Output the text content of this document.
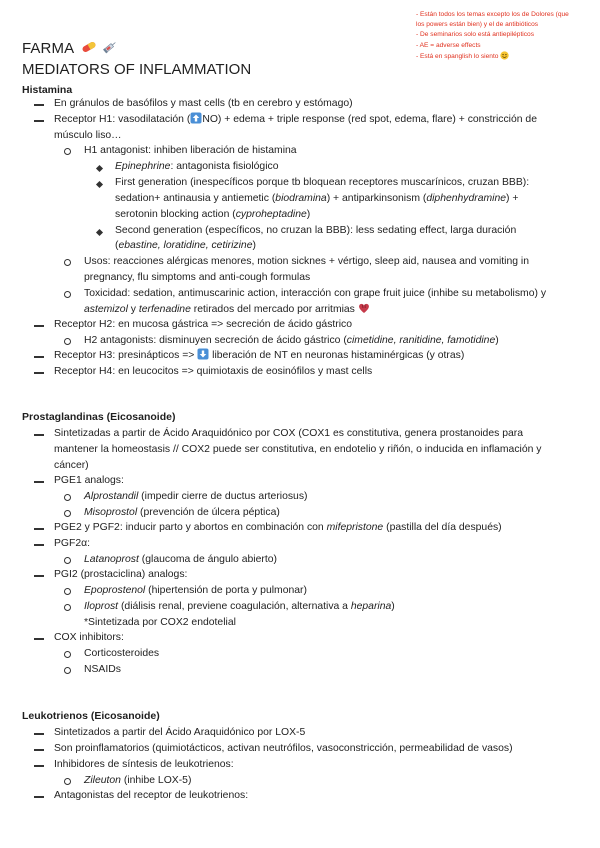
- Están todos los temas excepto los de Dolores (que
los powers están bien) y el de antibióticos
- De seminarios solo está antiepilépticos
- AE = adverse effects
- Está en spanglish lo siento
FARMA
MEDIATORS OF INFLAMMATION
Histamina
En gránulos de basófilos y mast cells (tb en cerebro y estómago)
Receptor H1: vasodilatación ( NO) + edema + triple response (red spot, edema, flare) + constricción de
músculo liso…
H1 antagonist: inhiben liberación de histamina
Epinephrine: antagonista fisiológico
First generation (inespecíficos porque tb bloquean receptores muscarínicos, cruzan BBB):
sedation+ antinausia y antiemetic (biodramina) + antiparkinsonism (diphenhydramine) +
serotonin blocking action (cyproheptadine)
Second generation (específicos, no cruzan la BBB): less sedating effect, larga duración
(ebastine, loratidine, cetirizine)
Usos: reacciones alérgicas menores, motion sicknes + vértigo, sleep aid, nausea and vomiting in
pregnancy, flu simptoms and anti-cough formulas
Toxicidad: sedation, antimuscarinic action, interacción con grape fruit juice (inhibe su metabolismo) y
astemizol y terfenadine retirados del mercado por arritmias
Receptor H2: en mucosa gástrica => secreción de ácido gástrico
H2 antagonists: disminuyen secreción de ácido gástrico (cimetidine, ranitidine, famotidine)
Receptor H3: presinápticos =>  liberación de NT en neuronas histaminérgicas (y otras)
Receptor H4: en leucocitos => quimiotaxis de eosinófilos y mast cells
Prostaglandinas (Eicosanoide)
Sintetizadas a partir de Ácido Araquidónico por COX (COX1 es constitutiva, genera prostanoides para
mantener la homeostasis // COX2 puede ser constitutiva, en endotelio y riñón, o inducida en inflamación y
cáncer)
PGE1 analogs:
Alprostandil (impedir cierre de ductus arteriosus)
Misoprostol (prevención de úlcera péptica)
PGE2 y PGF2: inducir parto y abortos en combinación con mifepristone (pastilla del día después)
PGF2α:
Latanoprost (glaucoma de ángulo abierto)
PGI2 (prostaciclina) analogs:
Epoprostenol (hipertensión de porta y pulmonar)
Iloprost (diálisis renal, previene coagulación, alternativa a heparina)
*Sintetizada por COX2 endotelial
COX inhibitors:
Corticosteroides
NSAIDs
Leukotrienos (Eicosanoide)
Sintetizados a partir del Ácido Araquidónico por LOX-5
Son proinflamatorios (quimiotácticos, activan neutrófilos, vasoconstricción, permeabilidad de vasos)
Inhibidores de síntesis de leukotrienos:
Zileuton (inhibe LOX-5)
Antagonistas del receptor de leukotrienos:
